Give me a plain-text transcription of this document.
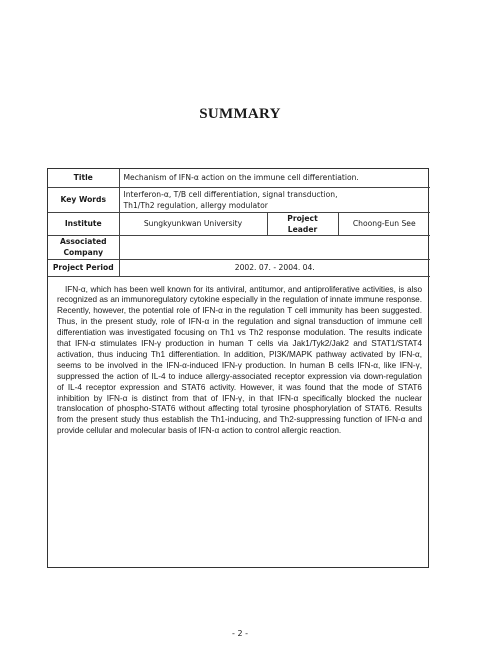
SUMMARY
Title	Mechanism of IFN-α action on the immune cell differentiation.		
Key Words	Interferon-α, T/B cell differentiation, signal transduction,
Th1/Th2 regulation, allergy modulator		

Institute	Sungkyunkwan University	Project Leader	Choong-Eun See

Associated
Company			

Project Period	2002. 07. - 2004. 04.		

IFN-α, which has been well known for its antiviral, antitumor, and antiproliferative activities, is also recognized as an immunoregulatory cytokine especially in the regulation of innate immune response. Recently, however, the potential role of IFN-α in the regulation T cell immunity has been suggested. Thus, in the present study, role of IFN-α in the regulation and signal transduction of immune cell differentiation was investigated focusing on Th1 vs Th2 response modulation. The results indicate that IFN-α stimulates IFN-γ production in human T cells via Jak1/Tyk2/Jak2 and STAT1/STAT4 activation, thus inducing Th1 differentiation. In addition, PI3K/MAPK pathway activated by IFN-α, seems to be involved in the IFN-α-induced IFN-γ production. In human B cells IFN-α, like IFN-γ, suppressed the action of IL-4 to induce allergy-associated receptor expression via down-regulation of IL-4 receptor expression and STAT6 activity. However, it was found that the mode of STAT6 inhibition by IFN-α is distinct from that of IFN-γ, in that IFN-α specifically blocked the nuclear translocation of phospho-STAT6 without affecting total tyrosine phosphorylation of STAT6. Results from the present study thus establish the Th1-inducing, and Th2-suppressing function of IFN-α and provide cellular and molecular basis of IFN-α action to control allergic reaction.

- 2 -
